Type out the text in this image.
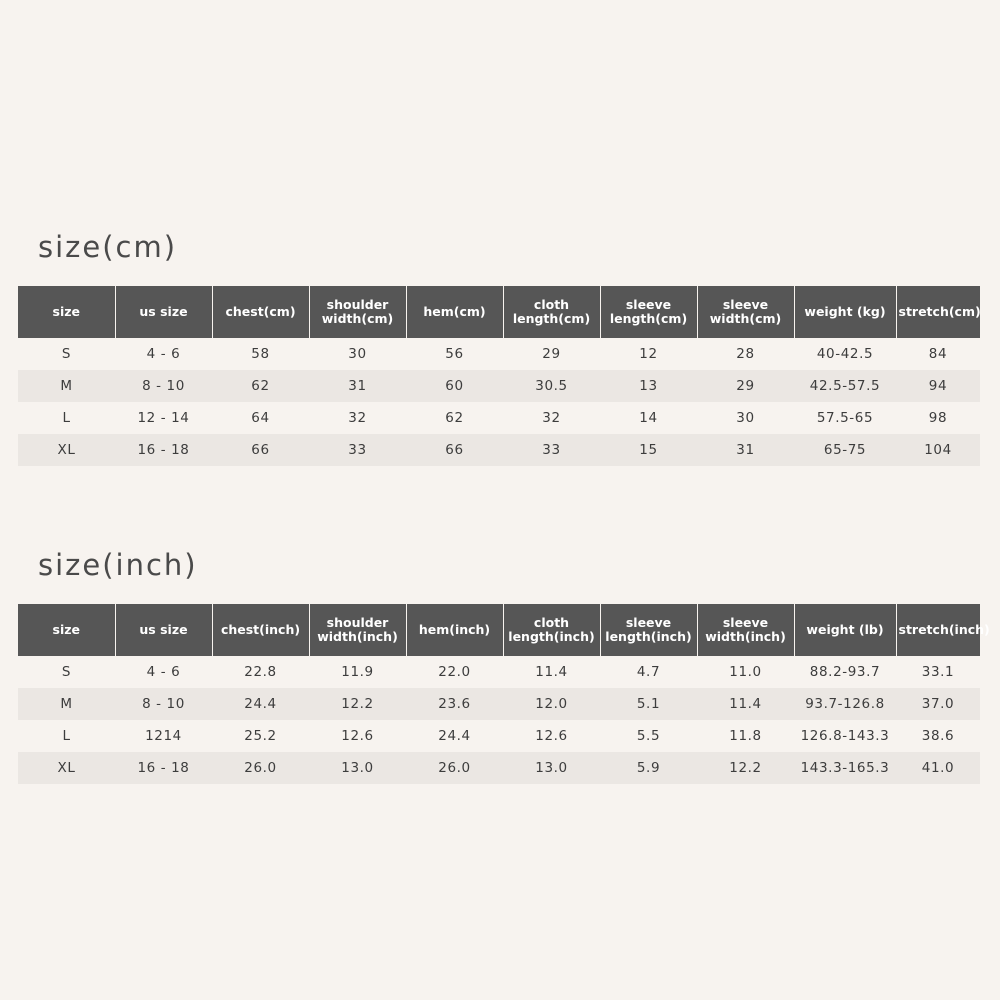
size(cm)
size	us size	chest(cm)	shoulder width(cm)	hem(cm)	cloth length(cm)	sleeve length(cm)	sleeve width(cm)	weight (kg)	stretch(cm)
S	4 - 6	58	30	56	29	12	28	40-42.5	84
M	8 - 10	62	31	60	30.5	13	29	42.5-57.5	94
L	12 - 14	64	32	62	32	14	30	57.5-65	98
XL	16 - 18	66	33	66	33	15	31	65-75	104
size(inch)
size	us size	chest(inch)	shoulder width(inch)	hem(inch)	cloth length(inch)	sleeve length(inch)	sleeve width(inch)	weight (lb)	stretch(inch)
S	4 - 6	22.8	11.9	22.0	11.4	4.7	11.0	88.2-93.7	33.1
M	8 - 10	24.4	12.2	23.6	12.0	5.1	11.4	93.7-126.8	37.0
L	1214	25.2	12.6	24.4	12.6	5.5	11.8	126.8-143.3	38.6
XL	16 - 18	26.0	13.0	26.0	13.0	5.9	12.2	143.3-165.3	41.0
